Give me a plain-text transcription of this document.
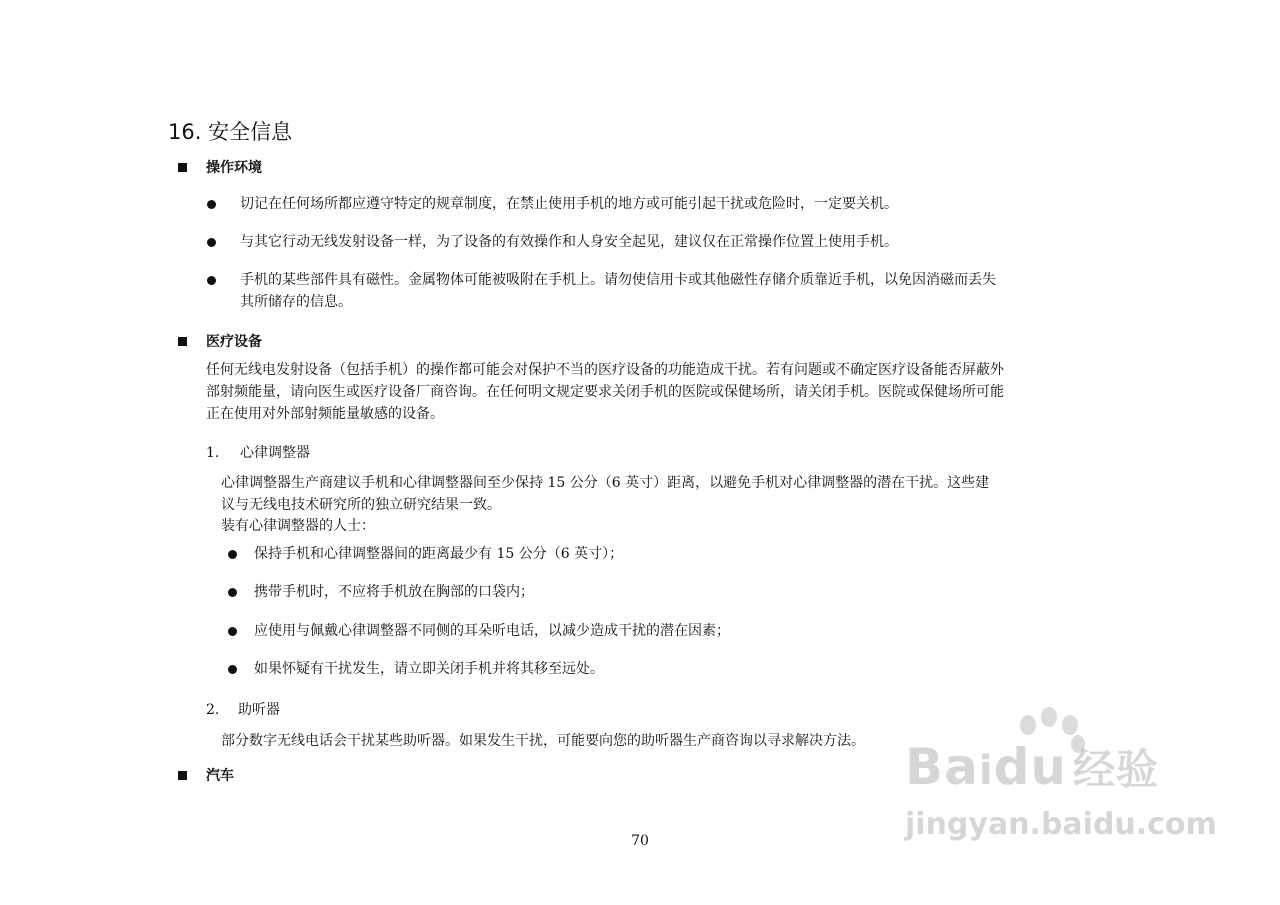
16. 安全信息
操作环境
切记在任何场所都应遵守特定的规章制度，在禁止使用手机的地方或可能引起干扰或危险时，一定要关机。
与其它行动无线发射设备一样，为了设备的有效操作和人身安全起见，建议仅在正常操作位置上使用手机。
手机的某些部件具有磁性。金属物体可能被吸附在手机上。请勿使信用卡或其他磁性存储介质靠近手机，以免因消磁而丢失
其所储存的信息。
医疗设备
任何无线电发射设备（包括手机）的操作都可能会对保护不当的医疗设备的功能造成干扰。若有问题或不确定医疗设备能否屏蔽外
部射频能量，请向医生或医疗设备厂商咨询。在任何明文规定要求关闭手机的医院或保健场所，请关闭手机。医院或保健场所可能
正在使用对外部射频能量敏感的设备。
1. 心律调整器
心律调整器生产商建议手机和心律调整器间至少保持 15 公分（6 英寸）距离，以避免手机对心律调整器的潜在干扰。这些建
议与无线电技术研究所的独立研究结果一致。
装有心律调整器的人士：
保持手机和心律调整器间的距离最少有 15 公分（6 英寸）；
携带手机时，不应将手机放在胸部的口袋内；
应使用与佩戴心律调整器不同侧的耳朵听电话，以减少造成干扰的潜在因素；
如果怀疑有干扰发生，请立即关闭手机并将其移至远处。
2. 助听器
部分数字无线电话会干扰某些助听器。如果发生干扰，可能要向您的助听器生产商咨询以寻求解决方法。
汽车
70
Baidu 经验
jingyan.baidu.com
